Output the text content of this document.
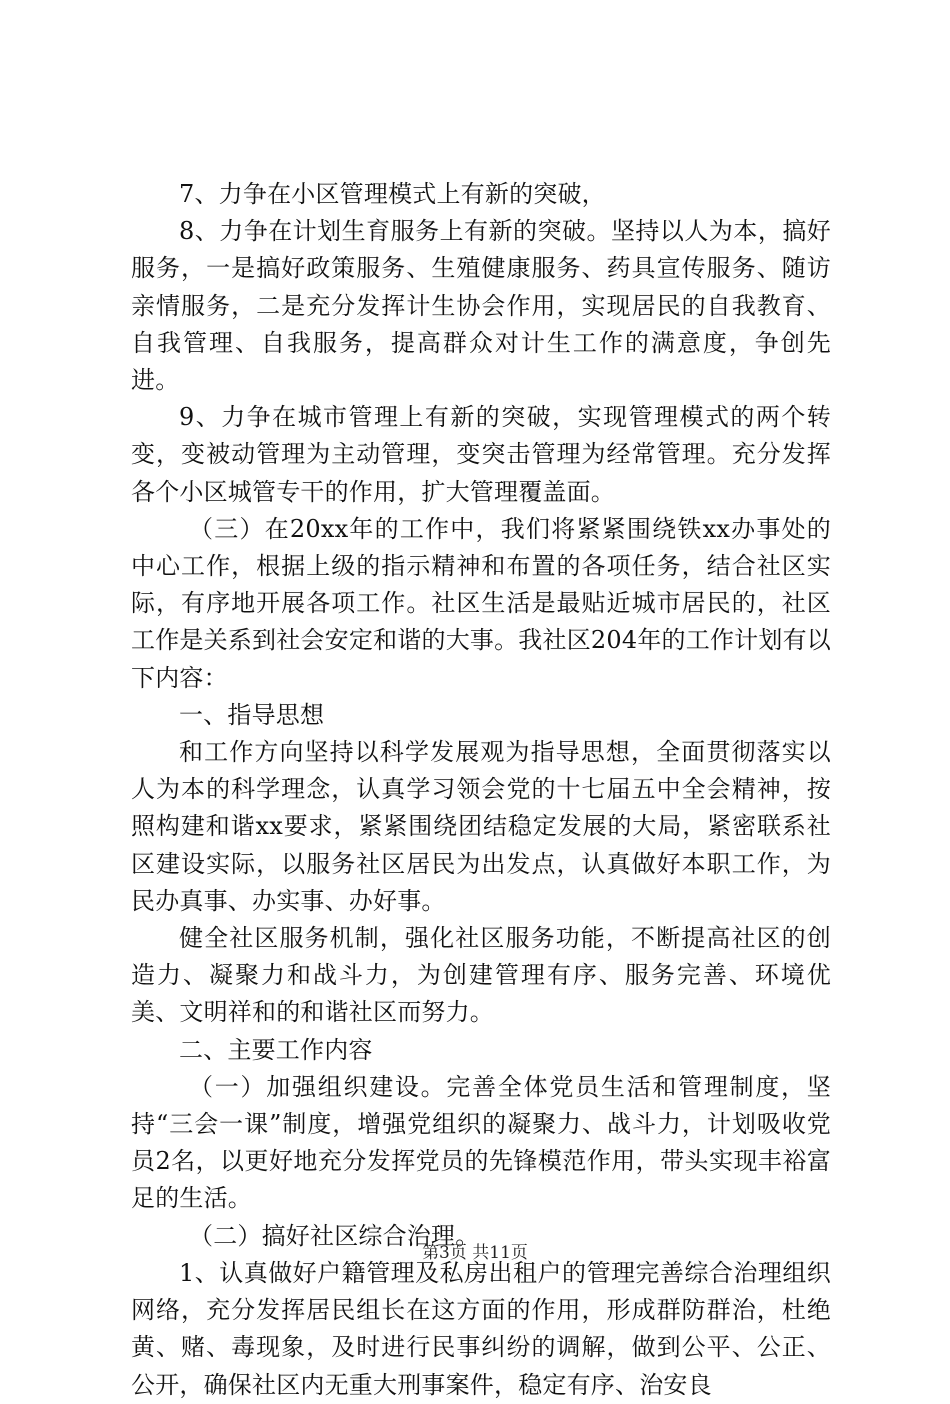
7、力争在小区管理模式上有新的突破，

8、力争在计划生育服务上有新的突破。坚持以人为本，搞好服务，一是搞好政策服务、生殖健康服务、药具宣传服务、随访亲情服务，二是充分发挥计生协会作用，实现居民的自我教育、自我管理、自我服务，提高群众对计生工作的满意度，争创先进。

9、力争在城市管理上有新的突破，实现管理模式的两个转变，变被动管理为主动管理，变突击管理为经常管理。充分发挥各个小区城管专干的作用，扩大管理覆盖面。

（三）在20xx年的工作中，我们将紧紧围绕铁xx办事处的中心工作，根据上级的指示精神和布置的各项任务，结合社区实际，有序地开展各项工作。社区生活是最贴近城市居民的，社区工作是关系到社会安定和谐的大事。我社区204年的工作计划有以下内容：

一、指导思想

和工作方向坚持以科学发展观为指导思想，全面贯彻落实以人为本的科学理念，认真学习领会党的十七届五中全会精神，按照构建和谐xx要求，紧紧围绕团结稳定发展的大局，紧密联系社区建设实际，以服务社区居民为出发点，认真做好本职工作，为民办真事、办实事、办好事。

健全社区服务机制，强化社区服务功能，不断提高社区的创造力、凝聚力和战斗力，为创建管理有序、服务完善、环境优美、文明祥和的和谐社区而努力。

二、主要工作内容

（一）加强组织建设。完善全体党员生活和管理制度，坚持“三会一课”制度，增强党组织的凝聚力、战斗力，计划吸收党员2名，以更好地充分发挥党员的先锋模范作用，带头实现丰裕富足的生活。

（二）搞好社区综合治理。

1、认真做好户籍管理及私房出租户的管理完善综合治理组织网络，充分发挥居民组长在这方面的作用，形成群防群治，杜绝黄、赌、毒现象，及时进行民事纠纷的调解，做到公平、公正、公开，确保社区内无重大刑事案件，稳定有序、治安良

第3页 共11页
